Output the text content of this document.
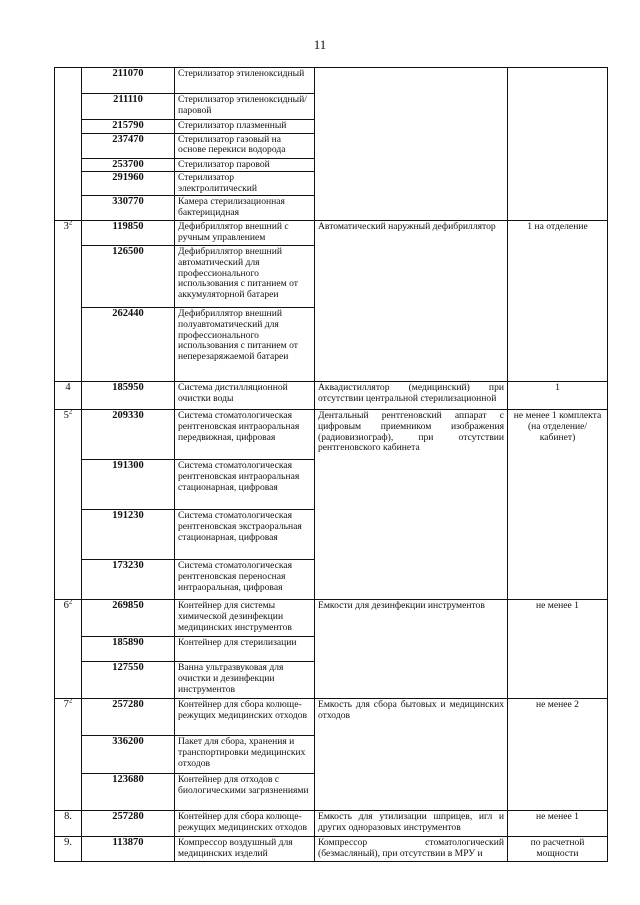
11
	211070	Стерилизатор этиленоксидный		
	211110	Стерилизатор этиленоксидный/паровой		
	215790	Стерилизатор плазменный		
	237470	Стерилизатор газовый на основе перекиси водорода		
	253700	Стерилизатор паровой		
	291960	Стерилизатор электролитический		
	330770	Камера стерилизационная бактерицидная		
$3^2$	119850	Дефибриллятор внешний с ручным управлением	Автоматический наружный дефибриллятор	1 на отделение
	126500	Дефибриллятор внешний автоматический для профессионального использования с питанием от аккумуляторной батареи		
	262440	Дефибриллятор внешний полуавтоматический для профессионального использования с питанием от неперезаряжаемой батареи		
4	185950	Система дистилляционной очистки воды	Аквадистиллятор (медицинский) при отсутствии центральной стерилизационной	1
$5^2$	209330	Система стоматологическая рентгеновская интраоральная передвижная, цифровая	Дентальный рентгеновский аппарат с цифровым приемником изображения (радиовизиограф), при отсутствии рентгеновского кабинета	не менее 1 комплекта (на отделение/кабинет)
	191300	Система стоматологическая рентгеновская интраоральная стационарная, цифровая		
	191230	Система стоматологическая рентгеновская экстраоральная стационарная, цифровая		
	173230	Система стоматологическая рентгеновская переносная интраоральная, цифровая		
$6^2$	269850	Контейнер для системы химической дезинфекции медицинских инструментов	Емкости для дезинфекции инструментов	не менее 1
	185890	Контейнер для стерилизации		
	127550	Ванна ультразвуковая для очистки и дезинфекции инструментов		
$7^2$	257280	Контейнер для сбора колюще-режущих медицинских отходов	Емкость для сбора бытовых и медицинских отходов	не менее 2
	336200	Пакет для сбора, хранения и транспортировки медицинских отходов		
	123680	Контейнер для отходов с биологическими загрязнениями		
8.	257280	Контейнер для сбора колюще-режущих медицинских отходов	Емкость для утилизации шприцев, игл и других одноразовых инструментов	не менее 1
9.	113870	Компрессор воздушный для медицинских изделий	Компрессор стоматологический (безмасляный), при отсутствии в МРУ и	по расчетной мощности
